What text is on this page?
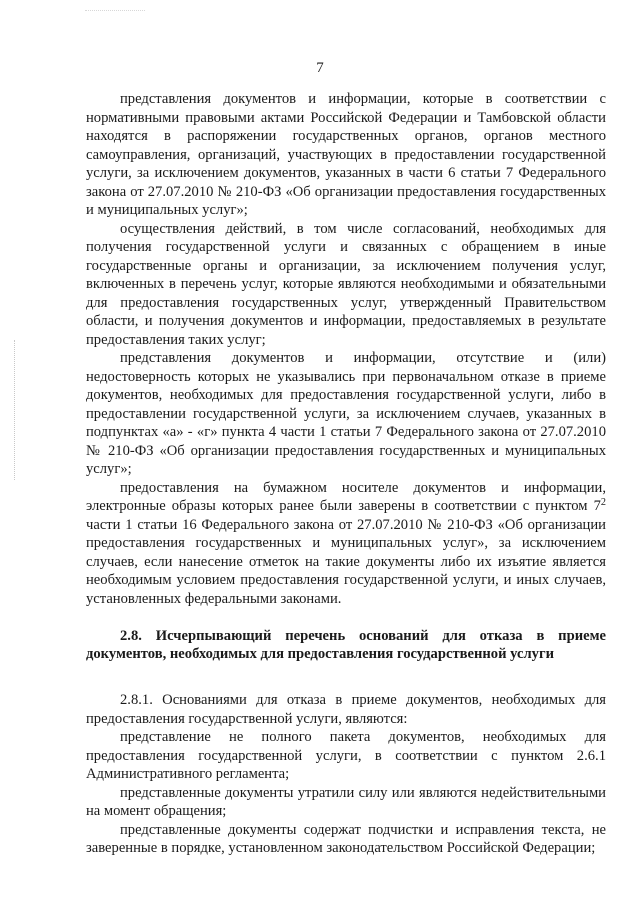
7

представления документов и информации, которые в соответствии с нормативными правовыми актами Российской Федерации и Тамбовской области находятся в распоряжении государственных органов, органов местного самоуправления, организаций, участвующих в предоставлении государственной услуги, за исключением документов, указанных в части 6 статьи 7 Федерального закона от 27.07.2010 № 210-ФЗ «Об организации предоставления государственных и муниципальных услуг»;

осуществления действий, в том числе согласований, необходимых для получения государственной услуги и связанных с обращением в иные государственные органы и организации, за исключением получения услуг, включенных в перечень услуг, которые являются необходимыми и обязательными для предоставления государственных услуг, утвержденный Правительством области, и получения документов и информации, предоставляемых в результате предоставления таких услуг;

представления документов и информации, отсутствие и (или) недостоверность которых не указывались при первоначальном отказе в приеме документов, необходимых для предоставления государственной услуги, либо в предоставлении государственной услуги, за исключением случаев, указанных в подпунктах «а» - «г» пункта 4 части 1 статьи 7 Федерального закона от 27.07.2010 № 210-ФЗ «Об организации предоставления государственных и муниципальных услуг»;

предоставления на бумажном носителе документов и информации, электронные образы которых ранее были заверены в соответствии с пунктом $7^2$ части 1 статьи 16 Федерального закона от 27.07.2010 № 210-ФЗ «Об организации предоставления государственных и муниципальных услуг», за исключением случаев, если нанесение отметок на такие документы либо их изъятие является необходимым условием предоставления государственной услуги, и иных случаев, установленных федеральными законами.

2.8. Исчерпывающий перечень оснований для отказа в приеме документов, необходимых для предоставления государственной услуги

2.8.1. Основаниями для отказа в приеме документов, необходимых для предоставления государственной услуги, являются:

представление не полного пакета документов, необходимых для предоставления государственной услуги, в соответствии с пунктом 2.6.1 Административного регламента;

представленные документы утратили силу или являются недействительными на момент обращения;

представленные документы содержат подчистки и исправления текста, не заверенные в порядке, установленном законодательством Российской Федерации;
